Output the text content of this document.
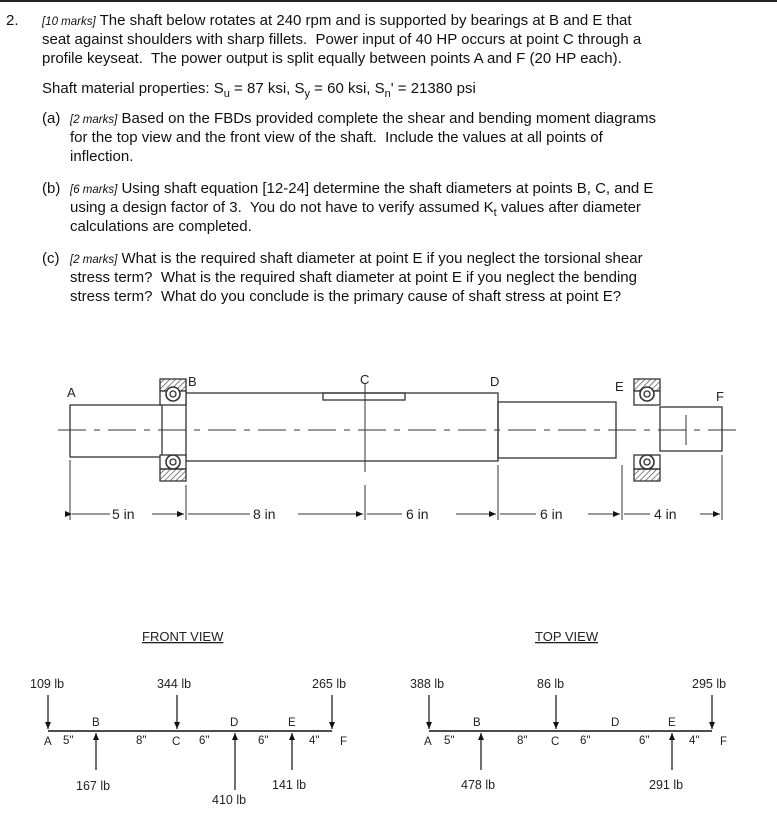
2. [10 marks] The shaft below rotates at 240 rpm and is supported by bearings at B and E that
seat against shoulders with sharp fillets.  Power input of 40 HP occurs at point C through a
profile keyseat.  The power output is split equally between points A and F (20 HP each).
Shaft material properties: $S_u = 87$ ksi, $S_y = 60$ ksi, $S_n' = 21380$ psi
(a) [2 marks] Based on the FBDs provided complete the shear and bending moment diagrams
for the top view and the front view of the shaft.  Include the values at all points of
inflection.
(b) [6 marks] Using shaft equation [12-24] determine the shaft diameters at points B, C, and E
using a design factor of 3.  You do not have to verify assumed $K_t$ values after diameter
calculations are completed.
(c) [2 marks] What is the required shaft diameter at point E if you neglect the torsional shear
stress term?  What is the required shaft diameter at point E if you neglect the bending
stress term?  What do you conclude is the primary cause of shaft stress at point E?
A
B	C	D	E
F
5 in	8 in	6 in	6 in	4 in
FRONT VIEW
109 lb	344 lb	265 lb
167 lb
410 lb
141 lb
B	D	E
A	C	F
5"	8"	6"	6"	4"
TOP VIEW
388 lb	86 lb	295 lb
478 lb	291 lb
B	D	E
A	C	F
5"	8"	6"	6"	4"
